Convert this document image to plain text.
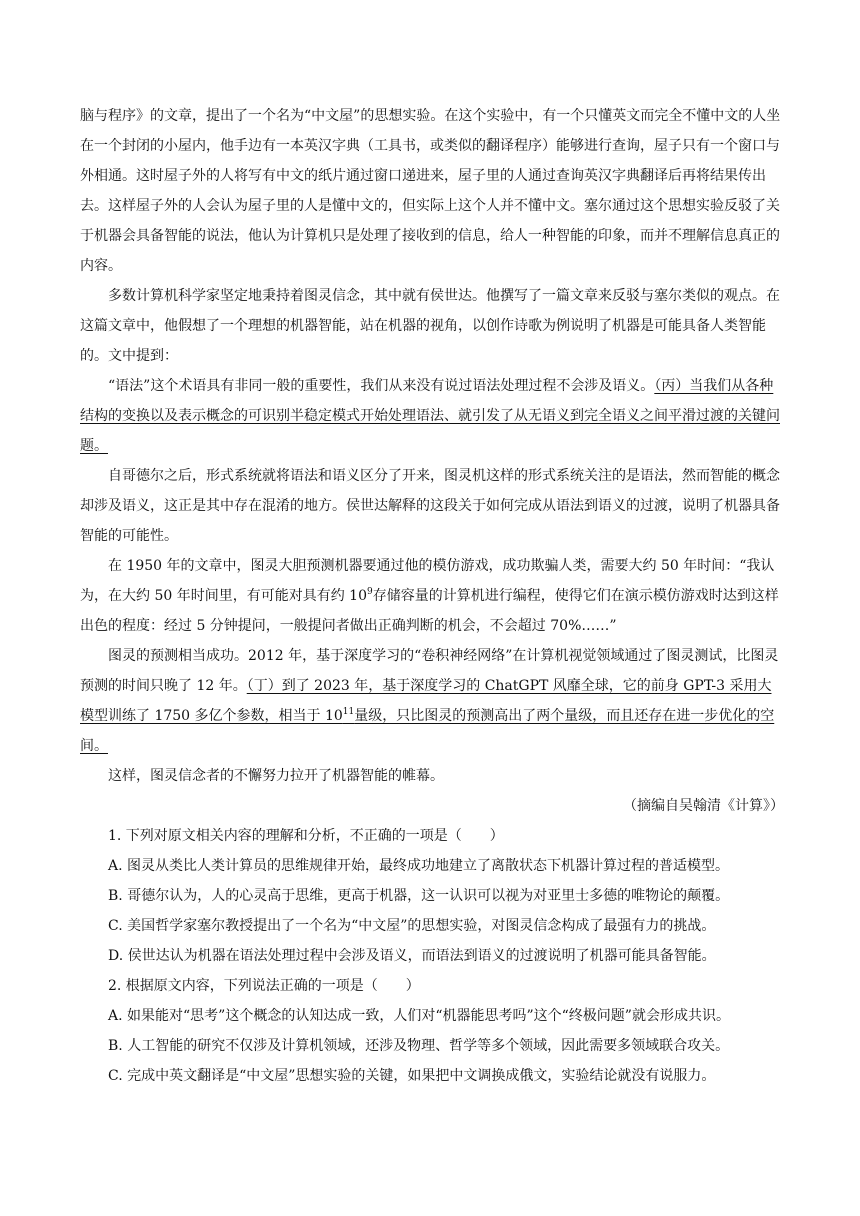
脑与程序》的文章，提出了一个名为“中文屋”的思想实验。在这个实验中，有一个只懂英文而完全不懂中文的人坐在一个封闭的小屋内，他手边有一本英汉字典（工具书，或类似的翻译程序）能够进行查询，屋子只有一个窗口与外相通。这时屋子外的人将写有中文的纸片通过窗口递进来，屋子里的人通过查询英汉字典翻译后再将结果传出去。这样屋子外的人会认为屋子里的人是懂中文的，但实际上这个人并不懂中文。塞尔通过这个思想实验反驳了关于机器会具备智能的说法，他认为计算机只是处理了接收到的信息，给人一种智能的印象，而并不理解信息真正的内容。

多数计算机科学家坚定地秉持着图灵信念，其中就有侯世达。他撰写了一篇文章来反驳与塞尔类似的观点。在这篇文章中，他假想了一个理想的机器智能，站在机器的视角，以创作诗歌为例说明了机器是可能具备人类智能的。文中提到：

“语法”这个术语具有非同一般的重要性，我们从来没有说过语法处理过程不会涉及语义。（丙）当我们从各种结构的变换以及表示概念的可识别半稳定模式开始处理语法、就引发了从无语义到完全语义之间平滑过渡的关键问题。

自哥德尔之后，形式系统就将语法和语义区分了开来，图灵机这样的形式系统关注的是语法，然而智能的概念却涉及语义，这正是其中存在混淆的地方。侯世达解释的这段关于如何完成从语法到语义的过渡，说明了机器具备智能的可能性。

在 1950 年的文章中，图灵大胆预测机器要通过他的模仿游戏，成功欺骗人类，需要大约 50 年时间：“我认为，在大约 50 年时间里，有可能对具有约 $10^9$存储容量的计算机进行编程，使得它们在演示模仿游戏时达到这样出色的程度：经过 5 分钟提问，一般提问者做出正确判断的机会，不会超过 70%……”

图灵的预测相当成功。2012 年，基于深度学习的“卷积神经网络”在计算机视觉领域通过了图灵测试，比图灵预测的时间只晚了 12 年。（丁）到了 2023 年，基于深度学习的 ChatGPT 风靡全球，它的前身 GPT-3 采用大模型训练了 1750 多亿个参数，相当于 $10^{11}$量级，只比图灵的预测高出了两个量级，而且还存在进一步优化的空间。

这样，图灵信念者的不懈努力拉开了机器智能的帷幕。

（摘编自吴翰清《计算》）

1. 下列对原文相关内容的理解和分析，不正确的一项是（　　）

A. 图灵从类比人类计算员的思维规律开始，最终成功地建立了离散状态下机器计算过程的普适模型。

B. 哥德尔认为，人的心灵高于思维，更高于机器，这一认识可以视为对亚里士多德的唯物论的颠覆。

C. 美国哲学家塞尔教授提出了一个名为“中文屋”的思想实验，对图灵信念构成了最强有力的挑战。

D. 侯世达认为机器在语法处理过程中会涉及语义，而语法到语义的过渡说明了机器可能具备智能。

2. 根据原文内容，下列说法正确的一项是（　　）

A. 如果能对“思考”这个概念的认知达成一致，人们对“机器能思考吗”这个“终极问题”就会形成共识。

B. 人工智能的研究不仅涉及计算机领域，还涉及物理、哲学等多个领域，因此需要多领域联合攻关。

C. 完成中英文翻译是“中文屋”思想实验的关键，如果把中文调换成俄文，实验结论就没有说服力。
